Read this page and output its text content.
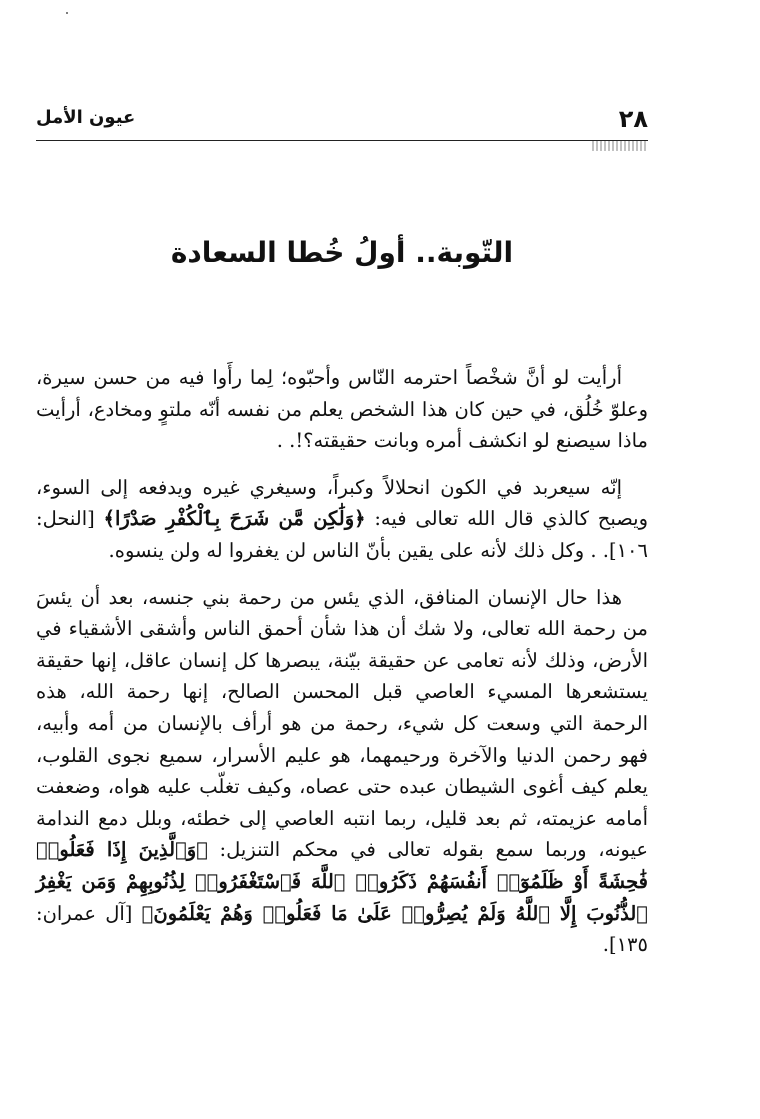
٢٨
عيون الأمل
التّوبة.. أولُ خُطا السعادة

أرأيت لو أنَّ شخْصاً احترمه النّاس وأحبّوه؛ لِما رأَوا فيه من حسن سيرة، وعلوّ خُلُق، في حين كان هذا الشخص يعلم من نفسه أنّه ملتوٍ ومخادع، أرأيت ماذا سيصنع لو انكشف أمره وبانت حقيقته؟!. .

إنّه سيعربد في الكون انحلالاً وكبراً، وسيغري غيره ويدفعه إلى السوء، ويصبح كالذي قال الله تعالى فيه: ﴿وَلَٰكِن مَّن شَرَحَ بِٱلْكُفْرِ صَدْرًا﴾ [النحل: ١٠٦]. . وكل ذلك لأنه على يقين بأنّ الناس لن يغفروا له ولن ينسوه.

هذا حال الإنسان المنافق، الذي يئس من رحمة بني جنسه، بعد أن يئسَ من رحمة الله تعالى، ولا شك أن هذا شأن أحمق الناس وأشقى الأشقياء في الأرض، وذلك لأنه تعامى عن حقيقة بيّنة، يبصرها كل إنسان عاقل، إنها حقيقة يستشعرها المسيء العاصي قبل المحسن الصالح، إنها رحمة الله، هذه الرحمة التي وسعت كل شيء، رحمة من هو أرأف بالإنسان من أمه وأبيه، فهو رحمن الدنيا والآخرة ورحيمهما، هو عليم الأسرار، سميع نجوى القلوب، يعلم كيف أغوى الشيطان عبده حتى عصاه، وكيف تغلّب عليه هواه، وضعفت أمامه عزيمته، ثم بعد قليل، ربما انتبه العاصي إلى خطئه، وبلل دمع الندامة عيونه، وربما سمع بقوله تعالى في محكم التنزيل: ﴿وَٱلَّذِينَ إِذَا فَعَلُوا۟ فَٰحِشَةً أَوْ ظَلَمُوٓا۟ أَنفُسَهُمْ ذَكَرُوا۟ ٱللَّهَ فَٱسْتَغْفَرُوا۟ لِذُنُوبِهِمْ وَمَن يَغْفِرُ ٱلذُّنُوبَ إِلَّا ٱللَّهُ وَلَمْ يُصِرُّوا۟ عَلَىٰ مَا فَعَلُوا۟ وَهُمْ يَعْلَمُونَ﴾ [آل عمران: ١٣٥].
